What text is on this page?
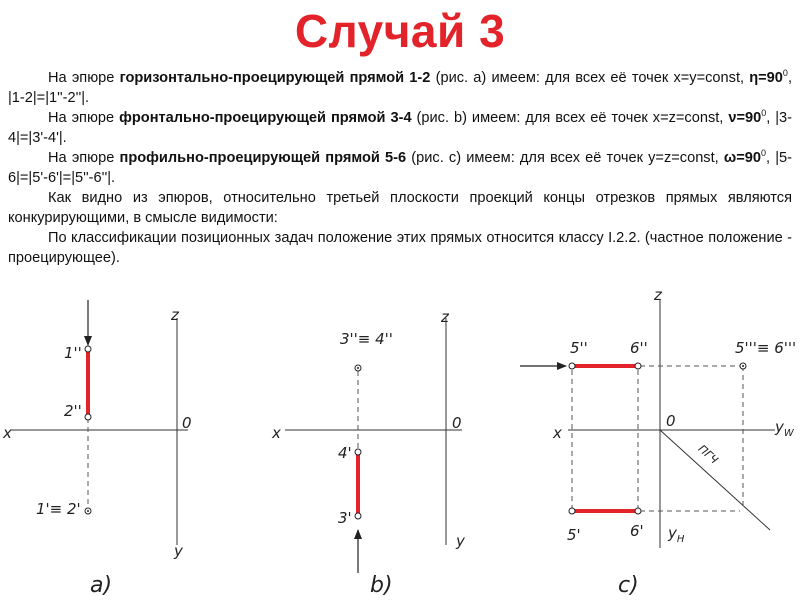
Случай 3

На эпюре горизонтально-проецирующей прямой 1-2 (рис. а) имеем: для всех её точек x=y=const, $\eta=90^0$, |1-2|=|1''-2''|.

На эпюре фронтально-проецирующей прямой 3-4 (рис. b) имеем: для всех её точек x=z=const, $\nu=90^0$, |3-4|=|3'-4'|.

На эпюре профильно-проецирующей прямой 5-6 (рис. с) имеем: для всех её точек y=z=const, $\omega=90^0$, |5-6|=|5'-6'|=|5''-6''|.

Как видно из эпюров, относительно третьей плоскости проекций концы отрезков прямых являются конкурирующими, в смысле видимости:

По классификации позиционных задач положение этих прямых относится классу I.2.2. (частное положение - проецирующее).

x
z
y
0
1''
2''
1'≡ 2'
а)
x
z
y
0
3''≡ 4''
4'
3'
b)
x
z
0	$y_W$
$y_H$
5''	6''	5'''≡ 6'''
5'	6'
ПГЧ
c)
